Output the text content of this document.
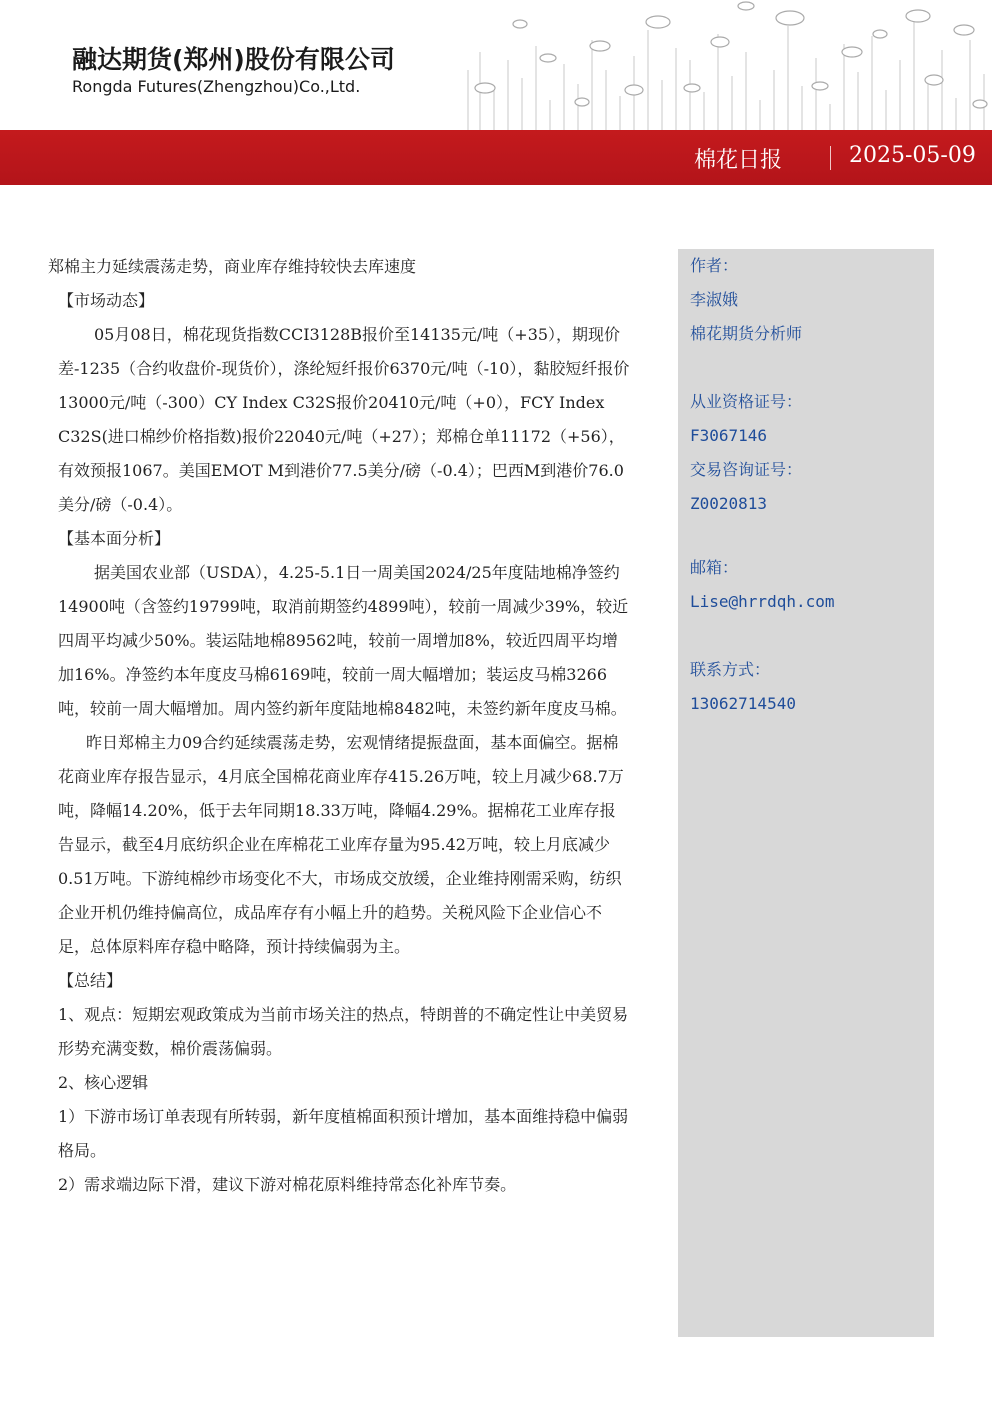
融达期货(郑州)股份有限公司
Rongda Futures(Zhengzhou)Co.,Ltd.
棉花日报	2025-05-09

郑棉主力延续震荡走势，商业库存维持较快去库速度

【市场动态】

05月08日，棉花现货指数CCI3128B报价至14135元/吨（+35），期现价差-1235（合约收盘价-现货价），涤纶短纤报价6370元/吨（-10），黏胶短纤报价13000元/吨（-300）CY Index C32S报价20410元/吨（+0），FCY Index C32S(进口棉纱价格指数)报价22040元/吨（+27）；郑棉仓单11172（+56），有效预报1067。美国EMOT M到港价77.5美分/磅（-0.4）；巴西M到港价76.0美分/磅（-0.4）。

【基本面分析】

据美国农业部（USDA），4.25-5.1日一周美国2024/25年度陆地棉净签约14900吨（含签约19799吨，取消前期签约4899吨），较前一周减少39%，较近四周平均减少50%。装运陆地棉89562吨，较前一周增加8%，较近四周平均增加16%。净签约本年度皮马棉6169吨，较前一周大幅增加；装运皮马棉3266吨，较前一周大幅增加。周内签约新年度陆地棉8482吨，未签约新年度皮马棉。

昨日郑棉主力09合约延续震荡走势，宏观情绪提振盘面，基本面偏空。据棉花商业库存报告显示，4月底全国棉花商业库存415.26万吨，较上月减少68.7万吨，降幅14.20%，低于去年同期18.33万吨，降幅4.29%。据棉花工业库存报告显示，截至4月底纺织企业在库棉花工业库存量为95.42万吨，较上月底减少0.51万吨。下游纯棉纱市场变化不大，市场成交放缓，企业维持刚需采购，纺织企业开机仍维持偏高位，成品库存有小幅上升的趋势。关税风险下企业信心不足，总体原料库存稳中略降，预计持续偏弱为主。

【总结】

1、观点：短期宏观政策成为当前市场关注的热点，特朗普的不确定性让中美贸易形势充满变数，棉价震荡偏弱。

2、核心逻辑

1）下游市场订单表现有所转弱，新年度植棉面积预计增加，基本面维持稳中偏弱格局。

2）需求端边际下滑，建议下游对棉花原料维持常态化补库节奏。

作者：
李淑娥
棉花期货分析师
从业资格证号：
F3067146
交易咨询证号：
Z0020813
邮箱：
Lise@hrrdqh.com
联系方式：
13062714540
